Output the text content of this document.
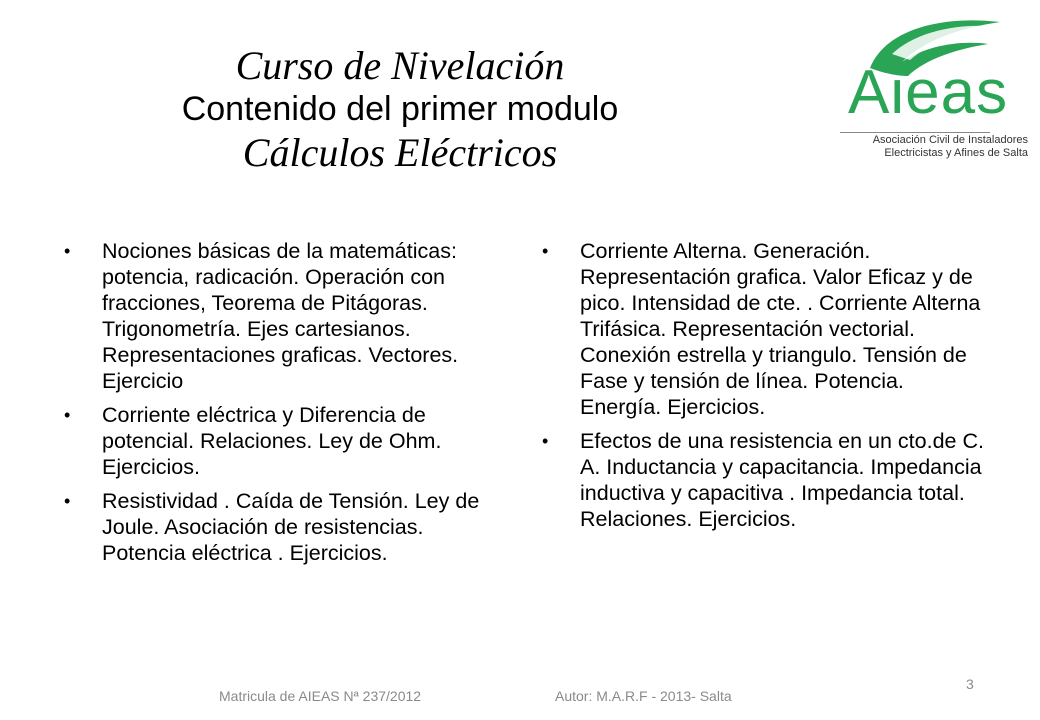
Curso de Nivelación
Contenido del primer modulo
Cálculos Eléctricos
Aieas
Asociación Civil de Instaladores
Electricistas y Afines de Salta
• Nociones básicas de la matemáticas: potencia, radicación. Operación con fracciones, Teorema de Pitágoras. Trigonometría. Ejes cartesianos. Representaciones graficas. Vectores. Ejercicio
• Corriente eléctrica y Diferencia de potencial. Relaciones. Ley de Ohm. Ejercicios.
• Resistividad . Caída de Tensión. Ley de Joule. Asociación de resistencias. Potencia eléctrica . Ejercicios.
• Corriente Alterna. Generación. Representación grafica. Valor Eficaz y de pico. Intensidad de cte. . Corriente Alterna Trifásica. Representación vectorial. Conexión estrella y triangulo. Tensión de Fase y tensión de línea. Potencia. Energía. Ejercicios.
• Efectos de una resistencia en un cto.de C. A. Inductancia y capacitancia. Impedancia inductiva y capacitiva . Impedancia total. Relaciones. Ejercicios.
Matricula de AIEAS Nª 237/2012	Autor: M.A.R.F - 2013- Salta
3
